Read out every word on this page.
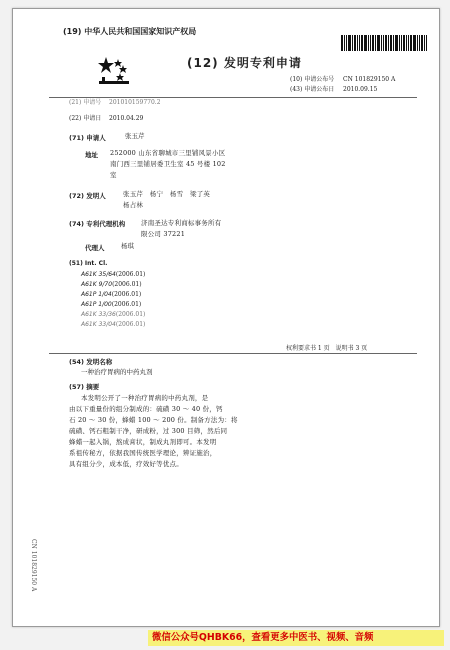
(19) 中华人民共和国国家知识产权局
(12) 发明专利申请
(10) 申请公布号 CN 101829150 A
(43) 申请公布日 2010.09.15
(21) 申请号 201010159770.2
(22) 申请日 2010.04.29
(71) 申请人	张玉芹
地址 252000 山东省聊城市三里铺风景小区
南门西三里铺居委卫生室 45 号楼 102
室
(72) 发明人	张玉芹　杨宁　杨雪　梁了英
杨占林
(74) 专利代理机构 济南圣达专利商标事务所有
限公司 37221
代理人	杨琪
(51) Int. Cl.
A61K 35/64(2006.01)
A61K 9/70(2006.01)
A61P 1/04(2006.01)
A61P 1/00(2006.01)
A61K 33/36(2006.01)
A61K 33/04(2006.01)
权利要求书 1 页　说明书 3 页
(54) 发明名称
一种治疗胃病的中药丸剂
(57) 摘要
本发明公开了一种治疗胃病的中药丸剂，是
由以下重量份的组分制成的：硫磺 30 ～ 40 份，钙
石 20 ～ 30 份，蜂蜡 100 ～ 200 份。制备方法为：将
硫磺、钙石粗制干净，研成粉，过 300 目筛，然后同
蜂蜡一起入锅，熬成膏状，制成丸剂即可。本发明
系祖传秘方，依据我国传统医学理论，辨证施治，
具有组分少，成本低，疗效好等优点。
CN 101829150 A
微信公众号QHBK66，查看更多中医书、视频、音频
